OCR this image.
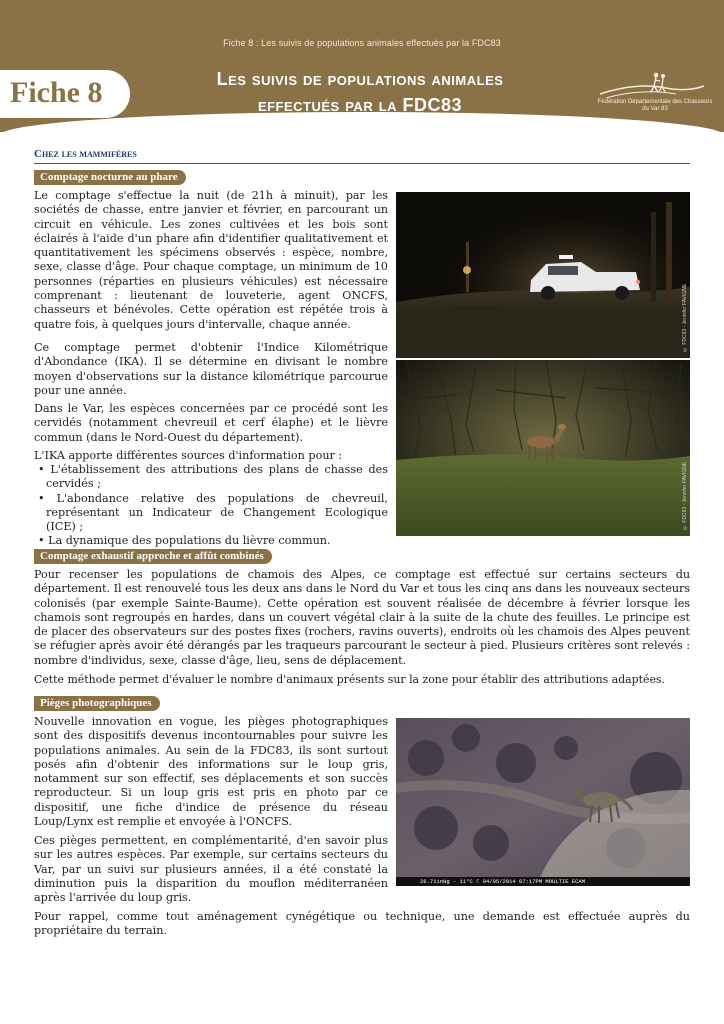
Fiche 8 : Les suivis de populations animales effectués par la FDC83
Fiche 8	Les suivis de populations animales
effectués par la FDC83	Fédération Départementale des Chasseurs
du Var 83
Chez les mammifères
Comptage nocturne au phare

Le comptage s'effectue la nuit (de 21h à minuit), par les sociétés de chasse, entre janvier et février, en parcourant un circuit en véhicule. Les zones cultivées et les bois sont éclairés à l'aide d'un phare afin d'identifier qualitativement et quantitativement les spécimens observés : espèce, nombre, sexe, classe d'âge. Pour chaque comptage, un minimum de 10 personnes (réparties en plusieurs véhicules) est nécessaire comprenant : lieutenant de louveterie, agent ONCFS, chasseurs et bénévoles. Cette opération est répétée trois à quatre fois, à quelques jours d'intervalle, chaque année.

Ce comptage permet d'obtenir l'Indice Kilométrique d'Abondance (IKA). Il se détermine en divisant le nombre moyen d'observations sur la distance kilométrique parcourue pour une année.

Dans le Var, les espèces concernées par ce procédé sont les cervidés (notamment chevreuil et cerf élaphe) et le lièvre commun (dans le Nord-Ouest du département).

L'IKA apporte différentes sources d'information pour :

• L'établissement des attributions des plans de chasse des cervidés ;
• L'abondance relative des populations de chevreuil, représentant un Indicateur de Changement Ecologique (ICE) ;
• La dynamique des populations du lièvre commun.
© FDC83 - Jennifer FAVIGNE
© FDC83 - Jennifer FAVIGNE
Comptage exhaustif approche et affût combinés

Pour recenser les populations de chamois des Alpes, ce comptage est effectué sur certains secteurs du département. Il est renouvelé tous les deux ans dans le Nord du Var et tous les cinq ans dans les nouveaux secteurs colonisés (par exemple Sainte-Baume). Cette opération est souvent réalisée de décembre à février lorsque les chamois sont regroupés en hardes, dans un couvert végétal clair à la suite de la chute des feuilles. Le principe est de placer des observateurs sur des postes fixes (rochers, ravins ouverts), endroits où les chamois des Alpes peuvent se réfugier après avoir été dérangés par les traqueurs parcourant le secteur à pied. Plusieurs critères sont relevés : nombre d'individus, sexe, classe d'âge, lieu, sens de déplacement.

Cette méthode permet d'évaluer le nombre d'animaux présents sur la zone pour établir des attributions adaptées.

Pièges photographiques

Nouvelle innovation en vogue, les pièges photographiques sont des dispositifs devenus incontournables pour suivre les populations animales. Au sein de la FDC83, ils sont surtout posés afin d'obtenir des informations sur le loup gris, notamment sur son effectif, ses déplacements et son succès reproducteur. Si un loup gris est pris en photo par ce dispositif, une fiche d'indice de présence du réseau Loup/Lynx est remplie et envoyée à l'ONCFS.

Ces pièges permettent, en complémentarité, d'en savoir plus sur les autres espèces. Par exemple, sur certains secteurs du Var, par un suivi sur plusieurs années, il a été constaté la diminution puis la disparition du mouflon méditerranéen après l'arrivée du loup gris.

Pour rappel, comme tout aménagement cynégétique ou technique, une demande est effectuée auprès du propriétaire du terrain.

26.71inHg - 11°C ☾ 04/05/2014 07:17PM MOULTIE ECAM
